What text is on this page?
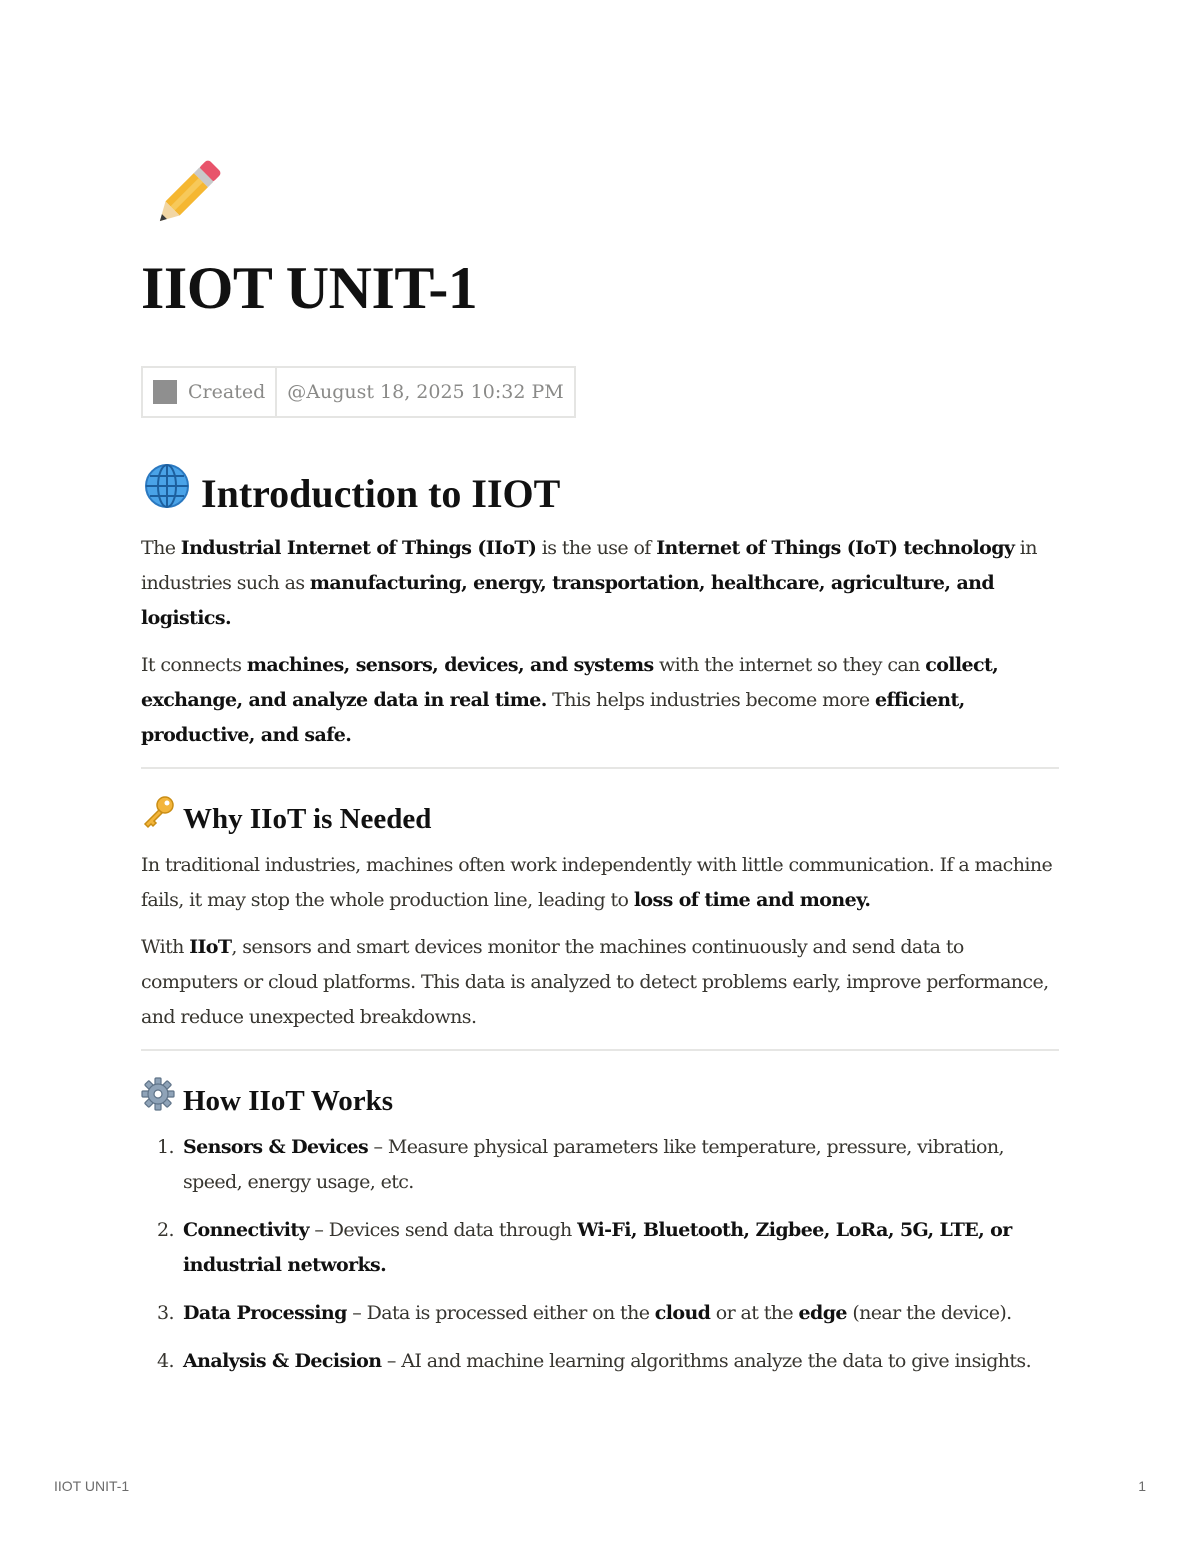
IIOT UNIT-1
Created @August 18, 2025 10:32 PM
Introduction to IIOT

The Industrial Internet of Things (IIoT) is the use of Internet of Things (IoT) technology in industries such as manufacturing, energy, transportation, healthcare, agriculture, and logistics.

It connects machines, sensors, devices, and systems with the internet so they can collect, exchange, and analyze data in real time. This helps industries become more efficient, productive, and safe.

Why IIoT is Needed

In traditional industries, machines often work independently with little communication. If a machine fails, it may stop the whole production line, leading to loss of time and money.

With IIoT, sensors and smart devices monitor the machines continuously and send data to computers or cloud platforms. This data is analyzed to detect problems early, improve performance, and reduce unexpected breakdowns.

How IIoT Works
1. Sensors & Devices – Measure physical parameters like temperature, pressure, vibration, speed, energy usage, etc.
2. Connectivity – Devices send data through Wi-Fi, Bluetooth, Zigbee, LoRa, 5G, LTE, or industrial networks.
3. Data Processing – Data is processed either on the cloud or at the edge (near the device).
4. Analysis & Decision – AI and machine learning algorithms analyze the data to give insights.
IIOT UNIT-1	1
